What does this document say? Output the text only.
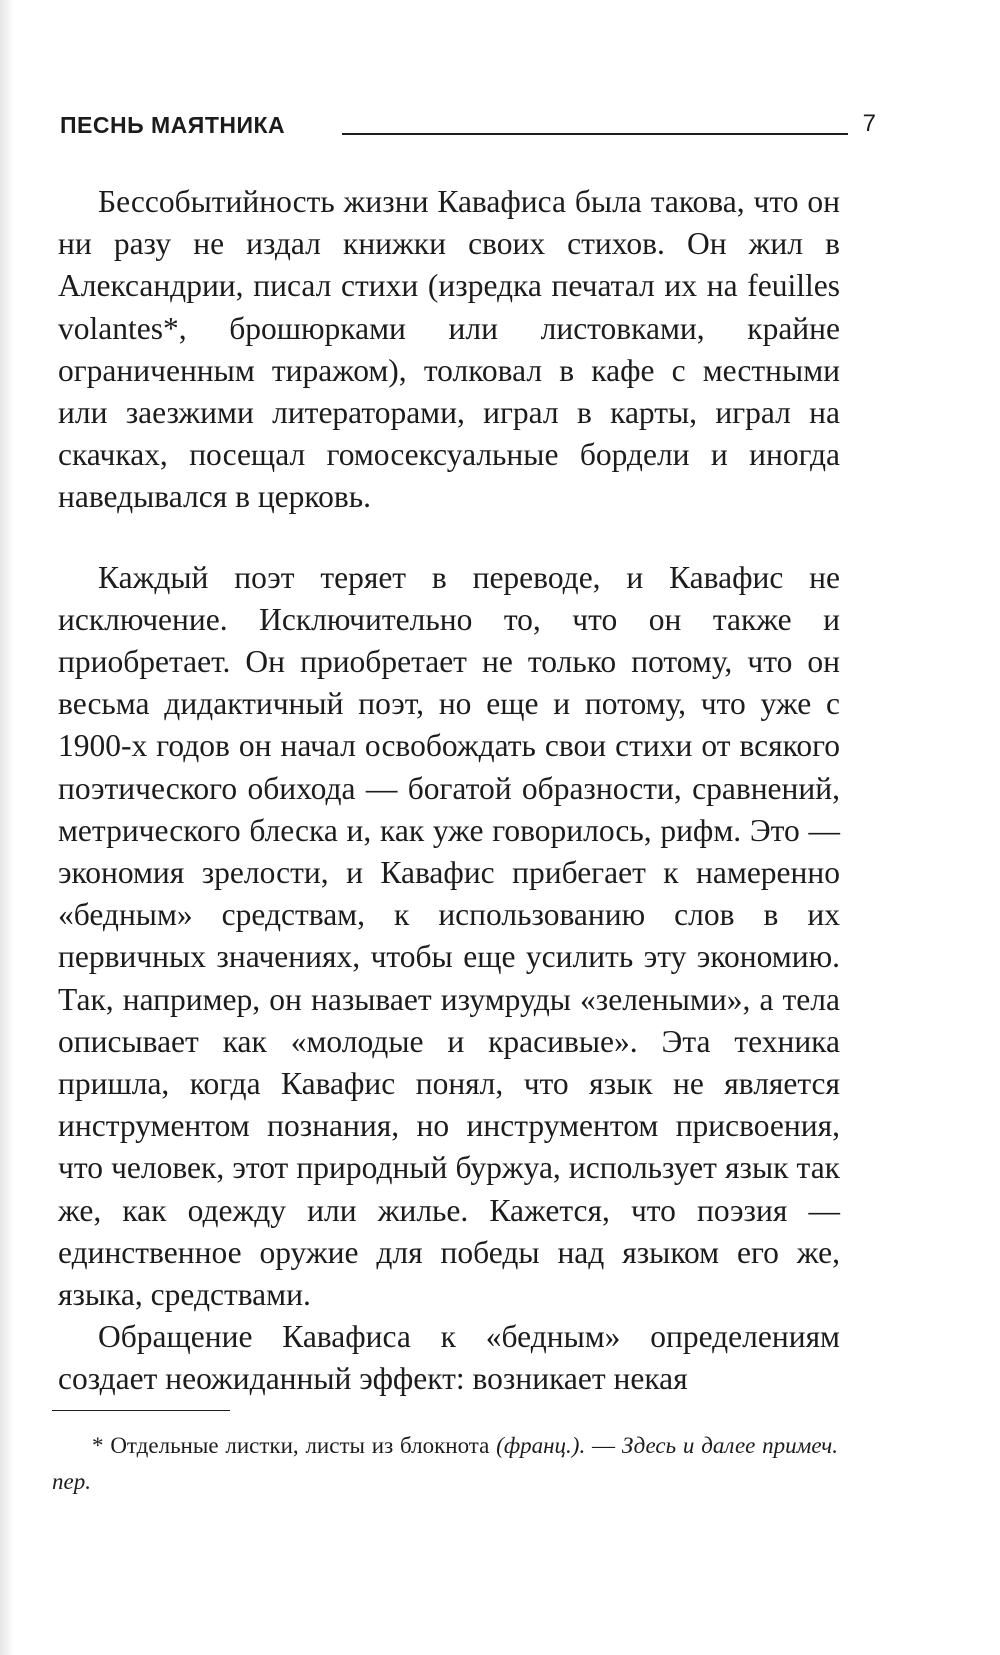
ПЕСНЬ МАЯТНИКА	7

Бессобытийность жизни Кавафиса была такова, что он ни разу не издал книжки своих стихов. Он жил в Александрии, писал стихи (изредка печатал их на feuilles volantes*, брошюрками или листовками, крайне ограниченным тиражом), толковал в кафе с местными или заезжими литераторами, играл в карты, играл на скачках, посещал гомосексуальные бордели и иногда наведывался в церковь.

Каждый поэт теряет в переводе, и Кавафис не исключение. Исключительно то, что он также и приобретает. Он приобретает не только потому, что он весьма дидактичный поэт, но еще и потому, что уже с 1900-х годов он начал освобождать свои стихи от всякого поэтического обихода — богатой образности, сравнений, метрического блеска и, как уже говорилось, рифм. Это — экономия зрелости, и Кавафис прибегает к намеренно «бедным» средствам, к использованию слов в их первичных значениях, чтобы еще усилить эту экономию. Так, например, он называет изумруды «зелеными», а тела описывает как «молодые и красивые». Эта техника пришла, когда Кавафис понял, что язык не является инструментом познания, но инструментом присвоения, что человек, этот природный буржуа, использует язык так же, как одежду или жилье. Кажется, что поэзия — единственное оружие для победы над языком его же, языка, средствами.

Обращение Кавафиса к «бедным» определениям создает неожиданный эффект: возникает некая

* Отдельные листки, листы из блокнота (франц.). — Здесь и далее примеч. пер.
